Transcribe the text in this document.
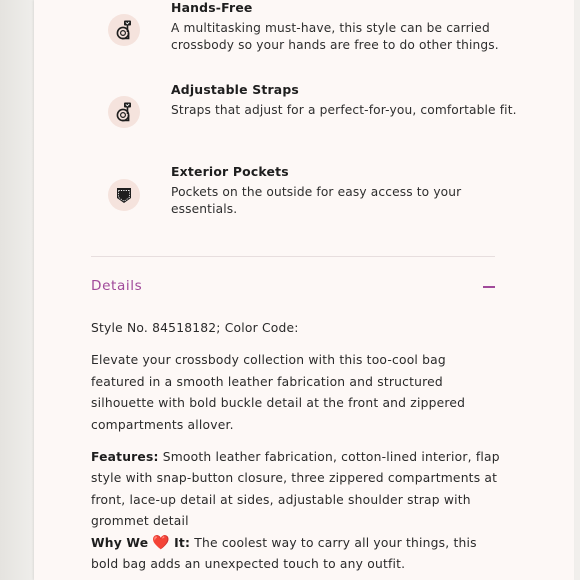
Hands-Free

A multitasking must-have, this style can be carried crossbody so your hands are free to do other things.

Adjustable Straps

Straps that adjust for a perfect-for-you, comfortable fit.

Exterior Pockets

Pockets on the outside for easy access to your essentials.

Details

Style No. 84518182; Color Code:

Elevate your crossbody collection with this too-cool bag featured in a smooth leather fabrication and structured silhouette with bold buckle detail at the front and zippered compartments allover.

Features: Smooth leather fabrication, cotton-lined interior, flap style with snap-button closure, three zippered compartments at front, lace-up detail at sides, adjustable shoulder strap with grommet detail

Why We ❤️ It: The coolest way to carry all your things, this bold bag adds an unexpected touch to any outfit.
